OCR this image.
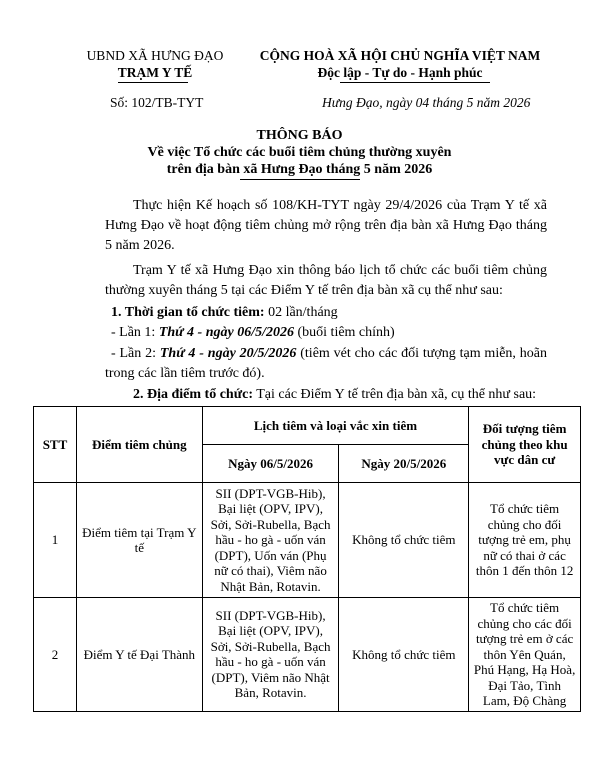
UBND XÃ HƯNG ĐẠO
TRẠM Y TẾ
CỘNG HOÀ XÃ HỘI CHỦ NGHĨA VIỆT NAM
Độc lập - Tự do - Hạnh phúc
Số: 102/TB-TYT	Hưng Đạo, ngày 04 tháng 5 năm 2026
THÔNG BÁO
Về việc Tổ chức các buổi tiêm chủng thường xuyên
trên địa bàn xã Hưng Đạo tháng 5 năm 2026
Thực hiện Kế hoạch số 108/KH-TYT ngày 29/4/2026 của Trạm Y tế xã Hưng Đạo về hoạt động tiêm chủng mở rộng trên địa bàn xã Hưng Đạo tháng 5 năm 2026.
Trạm Y tế xã Hưng Đạo xin thông báo lịch tổ chức các buổi tiêm chủng thường xuyên tháng 5 tại các Điểm Y tế trên địa bàn xã cụ thể như sau:
1. Thời gian tổ chức tiêm: 02 lần/tháng
- Lần 1: Thứ 4 - ngày 06/5/2026 (buổi tiêm chính)
- Lần 2: Thứ 4 - ngày 20/5/2026 (tiêm vét cho các đối tượng tạm miễn, hoãn trong các lần tiêm trước đó).
2. Địa điểm tổ chức: Tại các Điểm Y tế trên địa bàn xã, cụ thể như sau:
STT	Điểm tiêm chủng	Lịch tiêm và loại vắc xin tiêm		Đối tượng tiêm chủng theo khu vực dân cư
		Ngày 06/5/2026	Ngày 20/5/2026	
1	Điểm tiêm tại Trạm Y tế	SII (DPT-VGB-Hib), Bại liệt (OPV, IPV), Sởi, Sởi-Rubella, Bạch hầu - ho gà - uốn ván (DPT), Uốn ván (Phụ nữ có thai), Viêm não Nhật Bản, Rotavin.	Không tổ chức tiêm	Tổ chức tiêm chủng cho đối tượng trẻ em, phụ nữ có thai ở các thôn 1 đến thôn 12
2	Điểm Y tế Đại Thành	SII (DPT-VGB-Hib), Bại liệt (OPV, IPV), Sởi, Sởi-Rubella, Bạch hầu - ho gà - uốn ván (DPT), Viêm não Nhật Bản, Rotavin.	Không tổ chức tiêm	Tổ chức tiêm chủng cho các đối tượng trẻ em ở các thôn Yên Quán, Phú Hạng, Hạ Hoà, Đại Tảo, Tình Lam, Độ Chàng
